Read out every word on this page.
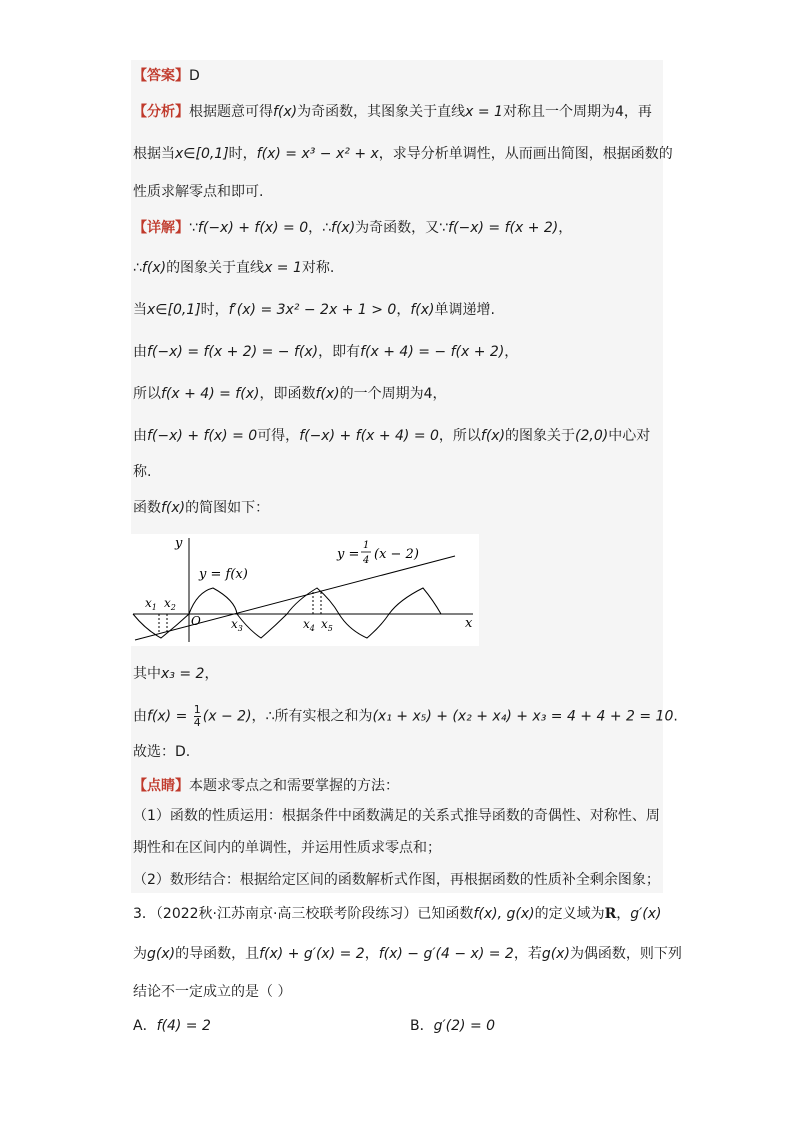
【答案】D
【分析】根据题意可得f(x)为奇函数，其图象关于直线x = 1对称且一个周期为4，再
根据当x∈[0,1]时，f(x) = x³ − x² + x，求导分析单调性，从而画出简图，根据函数的
性质求解零点和即可.
【详解】∵f(−x) + f(x) = 0，∴f(x)为奇函数，又∵f(−x) = f(x + 2)，
∴f(x)的图象关于直线x = 1对称.
当x∈[0,1]时，f′(x) = 3x² − 2x + 1 > 0，f(x)单调递增.
由f(−x) = f(x + 2) = − f(x)，即有f(x + 4) = − f(x + 2)，
所以f(x + 4) = f(x)，即函数f(x)的一个周期为4，
由f(−x) + f(x) = 0可得，f(−x) + f(x + 4) = 0，所以f(x)的图象关于(2,0)中心对
称.
函数f(x)的简图如下：
y
x
O
y = f(x)
y =
1
4 (x − 2)
$x_1$ $x_2$
$x_3$	$x_4$ $x_5$
其中x₃ = 2，
由$f(x) = \frac{1}{4} (x - 2)$，∴所有实根之和为(x₁ + x₅) + (x₂ + x₄) + x₃ = 4 + 4 + 2 = 10.
故选：D.
【点睛】本题求零点之和需要掌握的方法：
（1）函数的性质运用：根据条件中函数满足的关系式推导函数的奇偶性、对称性、周
期性和在区间内的单调性，并运用性质求零点和；
（2）数形结合：根据给定区间的函数解析式作图，再根据函数的性质补全剩余图象；
3．（2022秋·江苏南京·高三校联考阶段练习）已知函数f(x), g(x)的定义域为R，g′(x)
为g(x)的导函数，且f(x) + g′(x) = 2，f(x) − g′(4 − x) = 2，若g(x)为偶函数，则下列
结论不一定成立的是（ ）
A．f(4) = 2	B．g′(2) = 0
